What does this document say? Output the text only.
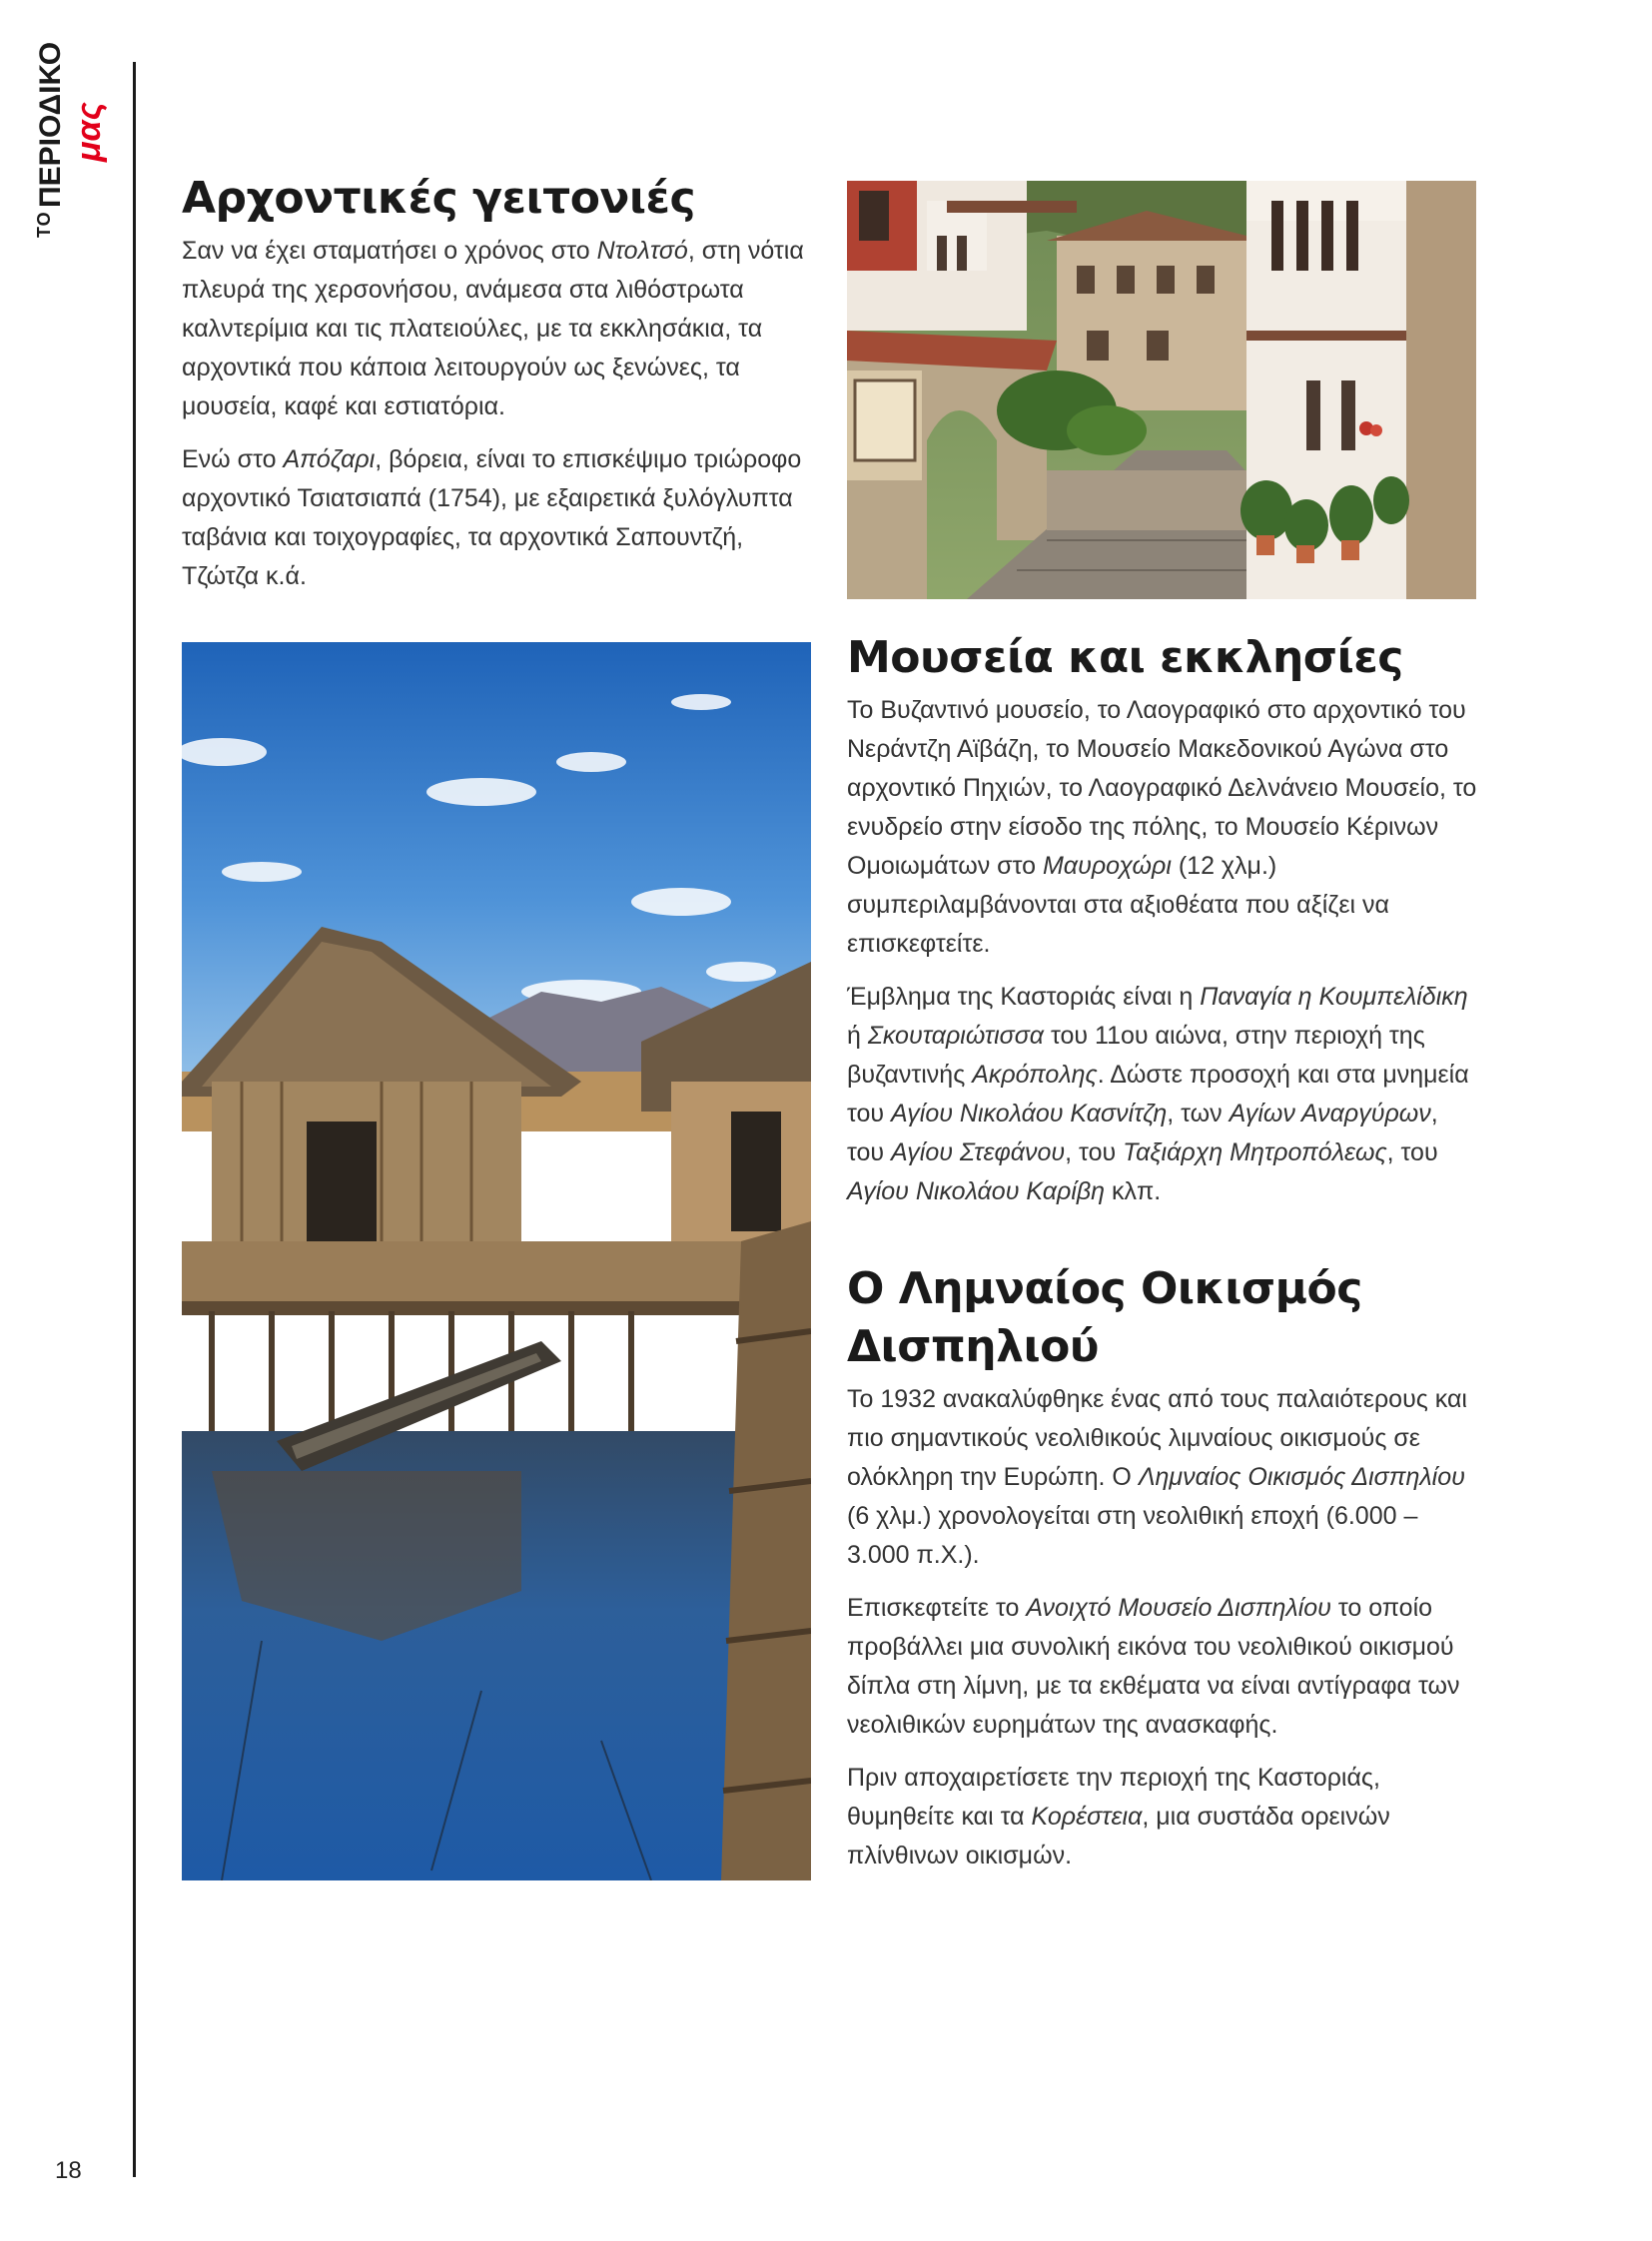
ΤΟ
ΠΕΡΙΟΔΙΚΟ μας
18
Αρχοντικές γειτονιές

Σαν να έχει σταματήσει ο χρόνος στο Ντολτσό, στη νότια πλευρά της χερσονήσου, ανάμεσα στα λιθόστρωτα καλντερίμια και τις πλατειούλες, με τα εκκλησάκια, τα αρχοντικά που κάποια λειτουργούν ως ξενώνες, τα μουσεία, καφέ και εστιατόρια.

Ενώ στο Απόζαρι, βόρεια, είναι το επισκέψιμο τριώροφο αρχοντικό Τσιατσιαπά (1754), με εξαιρετικά ξυλόγλυπτα ταβάνια και τοιχογραφίες, τα αρχοντικά Σαπουντζή, Τζώτζα κ.ά.

Μουσεία και εκκλησίες

Το Βυζαντινό μουσείο, το Λαογραφικό στο αρχοντικό του Νεράντζη Αϊβάζη, το Μουσείο Μακεδονικού Αγώνα στο αρχοντικό Πηχιών, το Λαογραφικό Δελνάνειο Μουσείο, το ενυδρείο στην είσοδο της πόλης, το Μουσείο Κέρινων Ομοιωμάτων στο Μαυροχώρι (12 χλμ.) συμπεριλαμβάνονται στα αξιοθέατα που αξίζει να επισκεφτείτε.

Έμβλημα της Καστοριάς είναι η Παναγία η Κουμπελίδικη ή Σκουταριώτισσα του 11ου αιώνα, στην περιοχή της βυζαντινής Ακρόπολης. Δώστε προσοχή και στα μνημεία του Αγίου Νικολάου Κασνίτζη, των Αγίων Αναργύρων, του Αγίου Στεφάνου, του Ταξιάρχη Μητροπόλεως, του Αγίου Νικολάου Καρίβη κλπ.

Ο Λημναίος Οικισμός Δισπηλιού

Το 1932 ανακαλύφθηκε ένας από τους παλαιότερους και πιο σημαντικούς νεολιθικούς λιμναίους οικισμούς σε ολόκληρη την Ευρώπη. Ο Λημναίος Οικισμός Δισπηλίου (6 χλμ.) χρονολογείται στη νεολιθική εποχή (6.000 – 3.000 π.Χ.).

Επισκεφτείτε το Ανοιχτό Μουσείο Δισπηλίου το οποίο προβάλλει μια συνολική εικόνα του νεολιθικού οικισμού δίπλα στη λίμνη, με τα εκθέματα να είναι αντίγραφα των νεολιθικών ευρημάτων της ανασκαφής.

Πριν αποχαιρετίσετε την περιοχή της Καστοριάς, θυμηθείτε και τα Κορέστεια, μια συστάδα ορεινών πλίνθινων οικισμών.
